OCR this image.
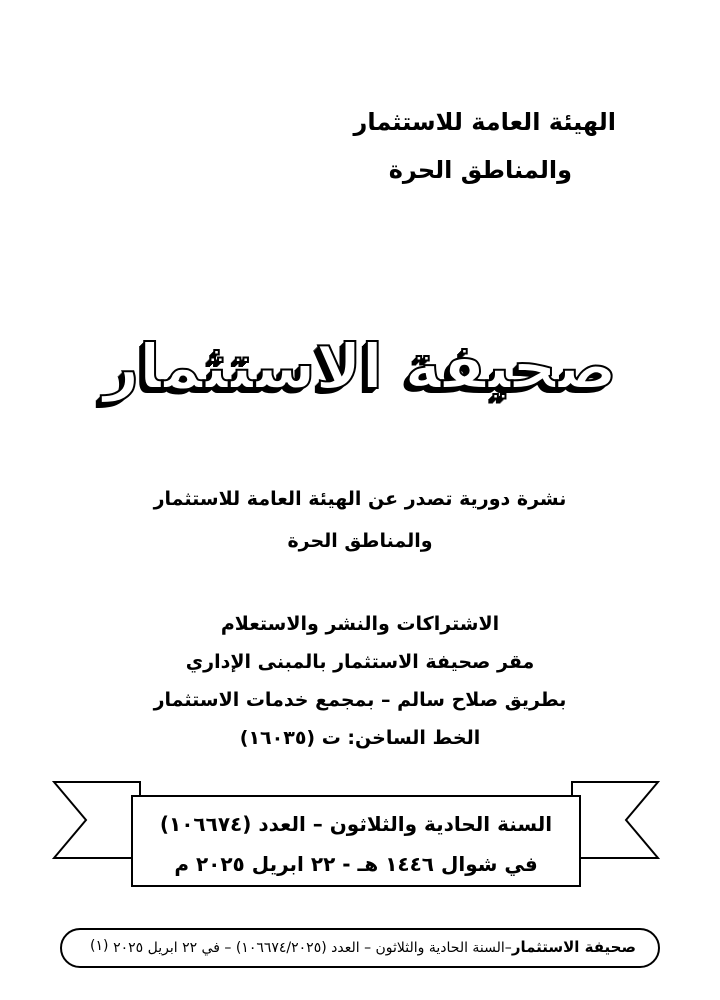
الهيئة العامة للاستثمار
والمناطق الحرة
صحيفة الاستثمار
نشرة دورية تصدر عن الهيئة العامة للاستثمار
والمناطق الحرة
الاشتراكات والنشر والاستعلام
مقر صحيفة الاستثمار بالمبنى الإداري
بطريق صلاح سالم – بمجمع خدمات الاستثمار
الخط الساخن: ت (١٦٠٣٥)
السنة الحادية والثلاثون – العدد (١٠٦٦٧٤)
في شوال ١٤٤٦ هـ - ٢٢ ابريل ٢٠٢٥ م
صحيفة الاستثمار–السنة الحادية والثلاثون – العدد (١٠٦٦٧٤/٢٠٢٥) – في ٢٢ ابريل ٢٠٢٥
(١)
